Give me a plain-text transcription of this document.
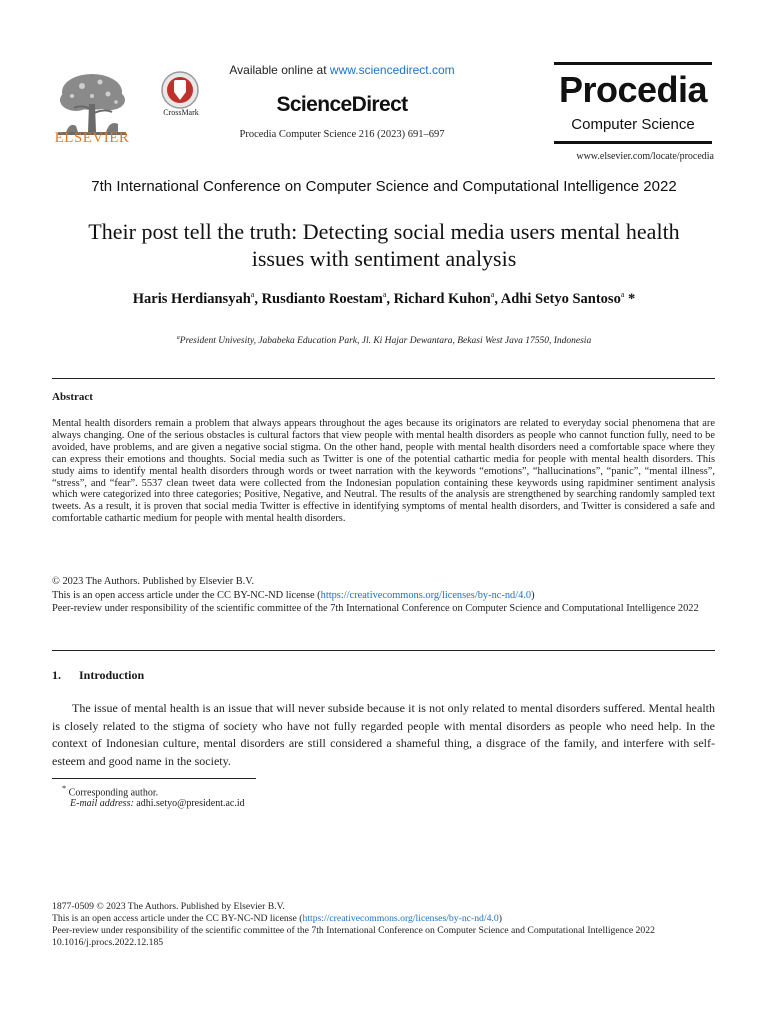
ELSEVIER
CrossMark
Available online at www.sciencedirect.com
ScienceDirect
Procedia Computer Science 216 (2023) 691–697
Procedia
Computer Science
www.elsevier.com/locate/procedia
7th International Conference on Computer Science and Computational Intelligence 2022
Their post tell the truth: Detecting social media users mental health
issues with sentiment analysis
Haris Herdiansyah$^a$, Rusdianto Roestam$^a$, Richard Kuhon$^a$, Adhi Setyo Santoso$^a$ *
$^a$President Univesity, Jababeka Education Park, Jl. Ki Hajar Dewantara, Bekasi West Java 17550, Indonesia
Abstract
Mental health disorders remain a problem that always appears throughout the ages because its originators are related to everyday social phenomena that are always changing. One of the serious obstacles is cultural factors that view people with mental health disorders as people who cannot function fully, need to be avoided, have problems, and are given a negative social stigma. On the other hand, people with mental health disorders need a comfortable space where they can express their emotions and thoughts. Social media such as Twitter is one of the potential cathartic media for people with mental health disorders. This study aims to identify mental health disorders through words or tweet narration with the keywords “emotions”, “hallucinations”, “panic”, “mental illness”, “stress”, and “fear”. 5537 clean tweet data were collected from the Indonesian population containing these keywords using rapidminer sentiment analysis which were categorized into three categories; Positive, Negative, and Neutral. The results of the analysis are strengthened by searching randomly sampled text tweets. As a result, it is proven that social media Twitter is effective in identifying symptoms of mental health disorders, and Twitter is considered a safe and comfortable cathartic medium for people with mental health disorders.
© 2023 The Authors. Published by Elsevier B.V.
This is an open access article under the CC BY-NC-ND license (https://creativecommons.org/licenses/by-nc-nd/4.0)
Peer-review under responsibility of the scientific committee of the 7th International Conference on Computer Science and Computational Intelligence 2022
1. Introduction
The issue of mental health is an issue that will never subside because it is not only related to mental disorders suffered. Mental health is closely related to the stigma of society who have not fully regarded people with mental disorders as people who need help. In the context of Indonesian culture, mental disorders are still considered a shameful thing, a disgrace of the family, and interfere with self-esteem and good name in the society.
* Corresponding author.
E-mail address: adhi.setyo@president.ac.id
1877-0509 © 2023 The Authors. Published by Elsevier B.V.
This is an open access article under the CC BY-NC-ND license (https://creativecommons.org/licenses/by-nc-nd/4.0)
Peer-review under responsibility of the scientific committee of the 7th International Conference on Computer Science and Computational Intelligence 2022
10.1016/j.procs.2022.12.185
